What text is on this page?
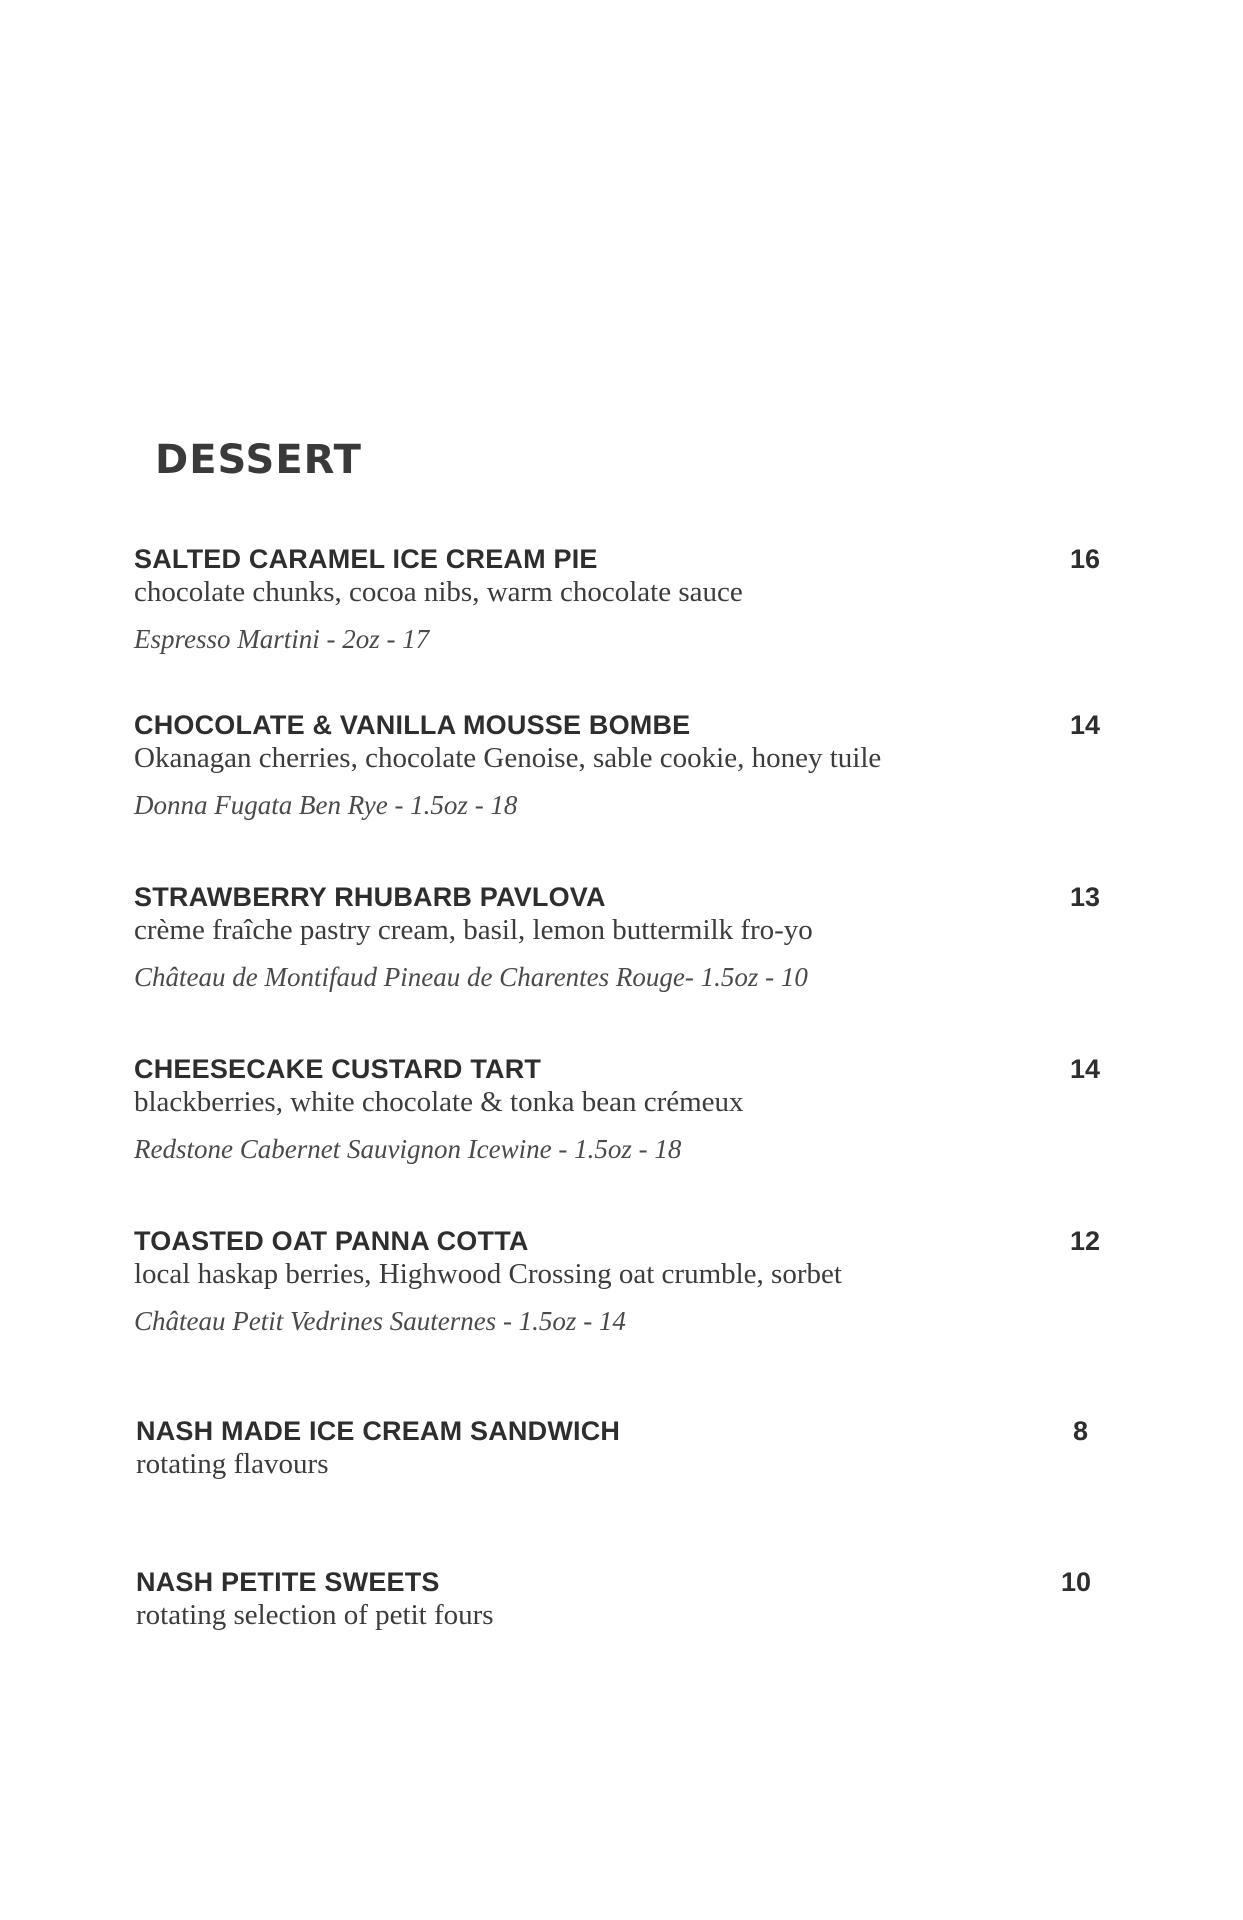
DESSERT
SALTED CARAMEL ICE CREAM PIE	16
chocolate chunks, cocoa nibs, warm chocolate sauce
Espresso Martini - 2oz - 17
CHOCOLATE & VANILLA MOUSSE BOMBE	14
Okanagan cherries, chocolate Genoise, sable cookie, honey tuile
Donna Fugata Ben Rye - 1.5oz - 18
STRAWBERRY RHUBARB PAVLOVA	13
crème fraîche pastry cream, basil, lemon buttermilk fro-yo
Château de Montifaud Pineau de Charentes Rouge- 1.5oz - 10
CHEESECAKE CUSTARD TART	14
blackberries, white chocolate & tonka bean crémeux
Redstone Cabernet Sauvignon Icewine - 1.5oz - 18
TOASTED OAT PANNA COTTA	12
local haskap berries, Highwood Crossing oat crumble, sorbet
Château Petit Vedrines Sauternes - 1.5oz - 14
NASH MADE ICE CREAM SANDWICH	8
rotating flavours
NASH PETITE SWEETS	10
rotating selection of petit fours
